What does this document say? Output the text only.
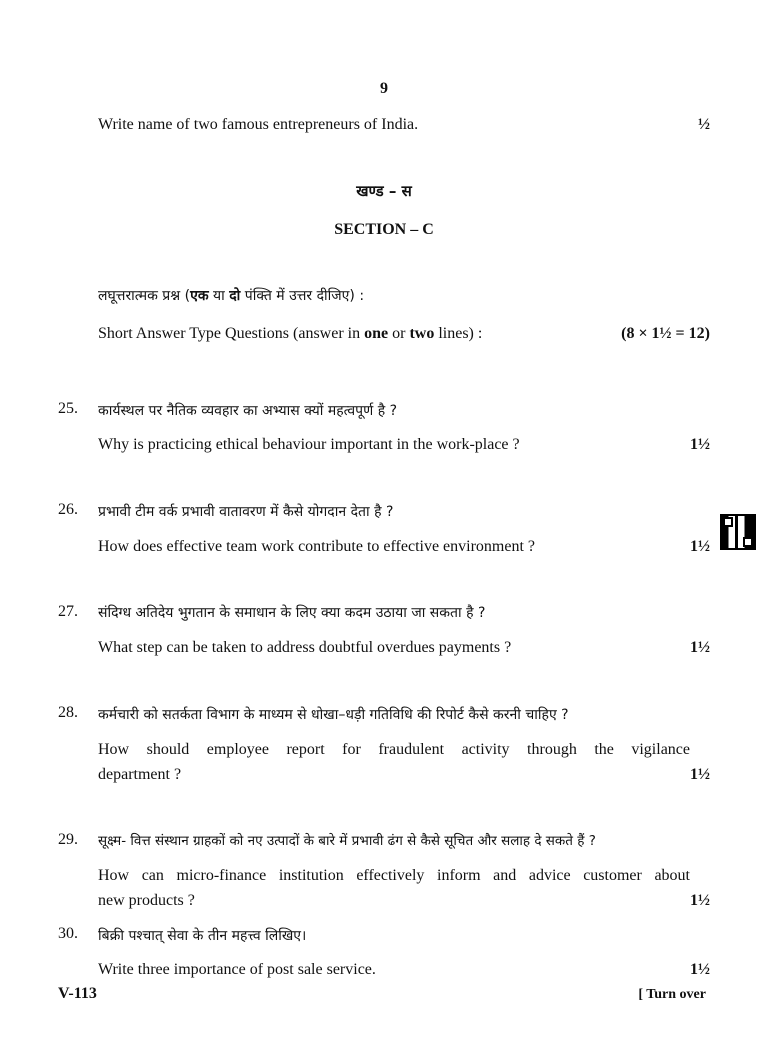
9
Write name of two famous entrepreneurs of India.	½
खण्ड – स
SECTION – C
लघूत्तरात्मक प्रश्न (एक या दो पंक्ति में उत्तर दीजिए) :
Short Answer Type Questions (answer in one or two lines) :	(8 × 1½ = 12)
25. कार्यस्थल पर नैतिक व्यवहार का अभ्यास क्यों महत्वपूर्ण है ?
Why is practicing ethical behaviour important in the work-place ?	1½
26. प्रभावी टीम वर्क प्रभावी वातावरण में कैसे योगदान देता है ?
How does effective team work contribute to effective environment ?	1½
27. संदिग्ध अतिदेय भुगतान के समाधान के लिए क्या कदम उठाया जा सकता है ?
What step can be taken to address doubtful overdues payments ?	1½
28. कर्मचारी को सतर्कता विभाग के माध्यम से धोखा–धड़ी गतिविधि की रिपोर्ट कैसे करनी चाहिए ?
How should employee report for fraudulent activity through the vigilance
department ?	1½
29. सूक्ष्म- वित्त संस्थान ग्राहकों को नए उत्पादों के बारे में प्रभावी ढंग से कैसे सूचित और सलाह दे सकते हैं ?
How can micro-finance institution effectively inform and advice customer about
new products ?	1½
30. बिक्री पश्चात् सेवा के तीन महत्त्व लिखिए।
Write three importance of post sale service.	1½
V-113	[ Turn over
